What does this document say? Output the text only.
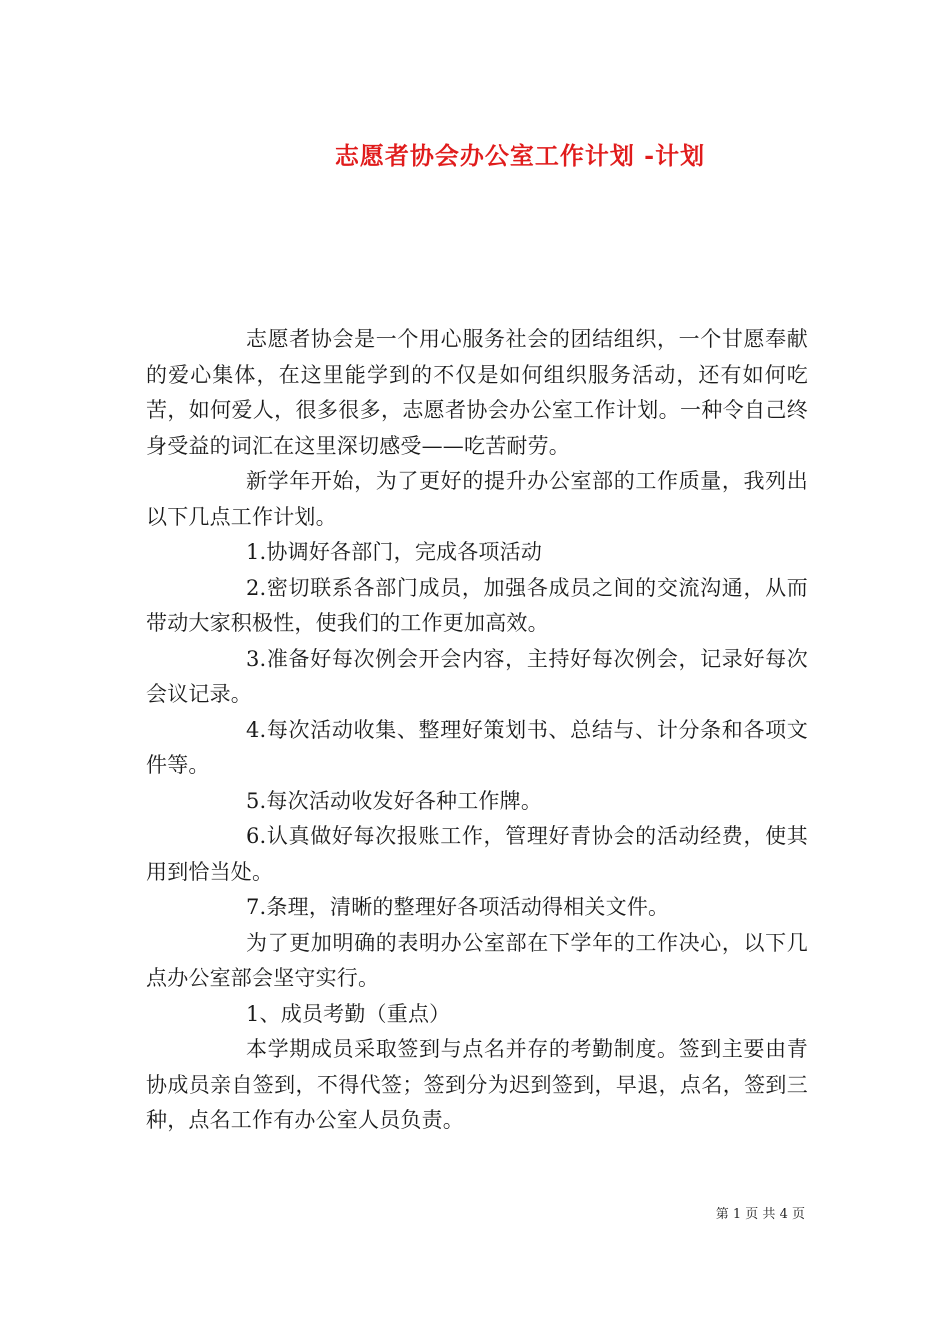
志愿者协会办公室工作计划 -计划

志愿者协会是一个用心服务社会的团结组织，一个甘愿奉献的爱心集体，在这里能学到的不仅是如何组织服务活动，还有如何吃苦，如何爱人，很多很多，志愿者协会办公室工作计划。一种令自己终身受益的词汇在这里深切感受——吃苦耐劳。

新学年开始，为了更好的提升办公室部的工作质量，我列出以下几点工作计划。

1.协调好各部门，完成各项活动

2.密切联系各部门成员，加强各成员之间的交流沟通，从而带动大家积极性，使我们的工作更加高效。

3.准备好每次例会开会内容，主持好每次例会，记录好每次会议记录。

4.每次活动收集、整理好策划书、总结与、计分条和各项文件等。

5.每次活动收发好各种工作牌。

6.认真做好每次报账工作，管理好青协会的活动经费，使其用到恰当处。

7.条理，清晰的整理好各项活动得相关文件。

为了更加明确的表明办公室部在下学年的工作决心，以下几点办公室部会坚守实行。

1、成员考勤（重点）

本学期成员采取签到与点名并存的考勤制度。签到主要由青协成员亲自签到，不得代签；签到分为迟到签到，早退，点名，签到三种，点名工作有办公室人员负责。

第 1 页 共 4 页
